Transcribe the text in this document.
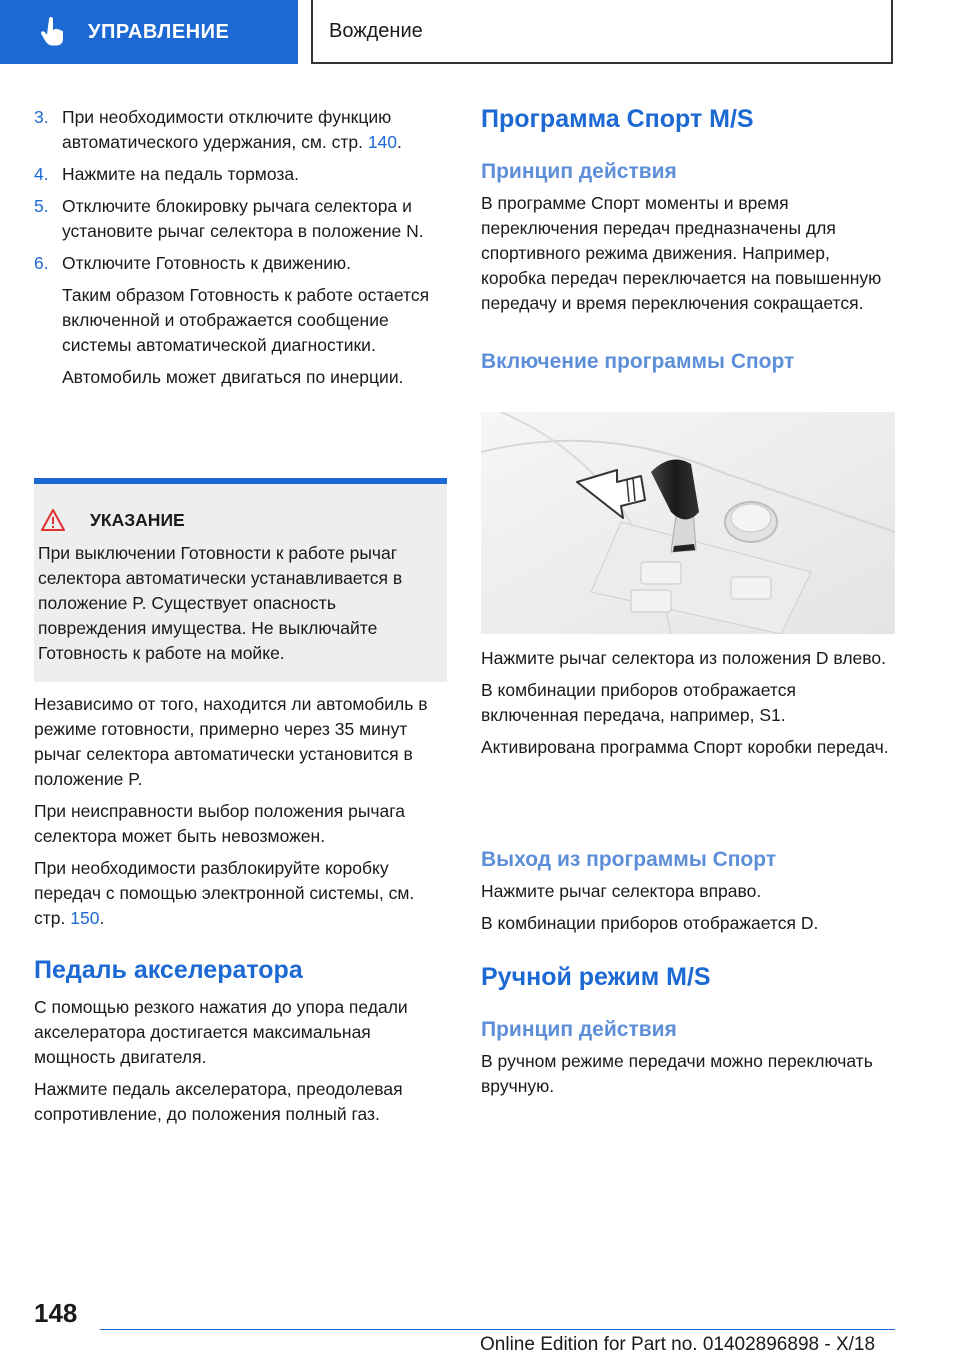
УПРАВЛЕНИЕ	Вождение
3. При необходимости отключите функцию автоматического удержания, см. стр. 140.

4. Нажмите на педаль тормоза.

5. Отключите блокировку рычага селектора и установите рычаг селектора в положение N.

6. Отключите Готовность к движению.

Таким образом Готовность к работе остается включенной и отображается сообщение системы автоматической диагностики.

Автомобиль может двигаться по инерции.

УКАЗАНИЕ

При выключении Готовности к работе рычаг селектора автоматически устанавливается в положение P. Существует опасность повреждения имущества. Не выключайте Готовность к работе на мойке.

Независимо от того, находится ли автомобиль в режиме готовности, примерно через 35 минут рычаг селектора автоматически установится в положение P.

При неисправности выбор положения рычага селектора может быть невозможен.

При необходимости разблокируйте коробку передач с помощью электронной системы, см. стр. 150.

Педаль акселератора

С помощью резкого нажатия до упора педали акселератора достигается максимальная мощность двигателя.

Нажмите педаль акселератора, преодолевая сопротивление, до положения полный газ.

Программа Спорт M/S
Принцип действия

В программе Спорт моменты и время переключения передач предназначены для спортивного режима движения. Например, коробка передач переключается на повышенную передачу и время переключения сокращается.

Включение программы Спорт

Нажмите рычаг селектора из положения D влево.

В комбинации приборов отображается включенная передача, например, S1.

Активирована программа Спорт коробки передач.

Выход из программы Спорт

Нажмите рычаг селектора вправо.

В комбинации приборов отображается D.

Ручной режим M/S
Принцип действия

В ручном режиме передачи можно переключать вручную.

148
Online Edition for Part no. 01402896898 - X/18
